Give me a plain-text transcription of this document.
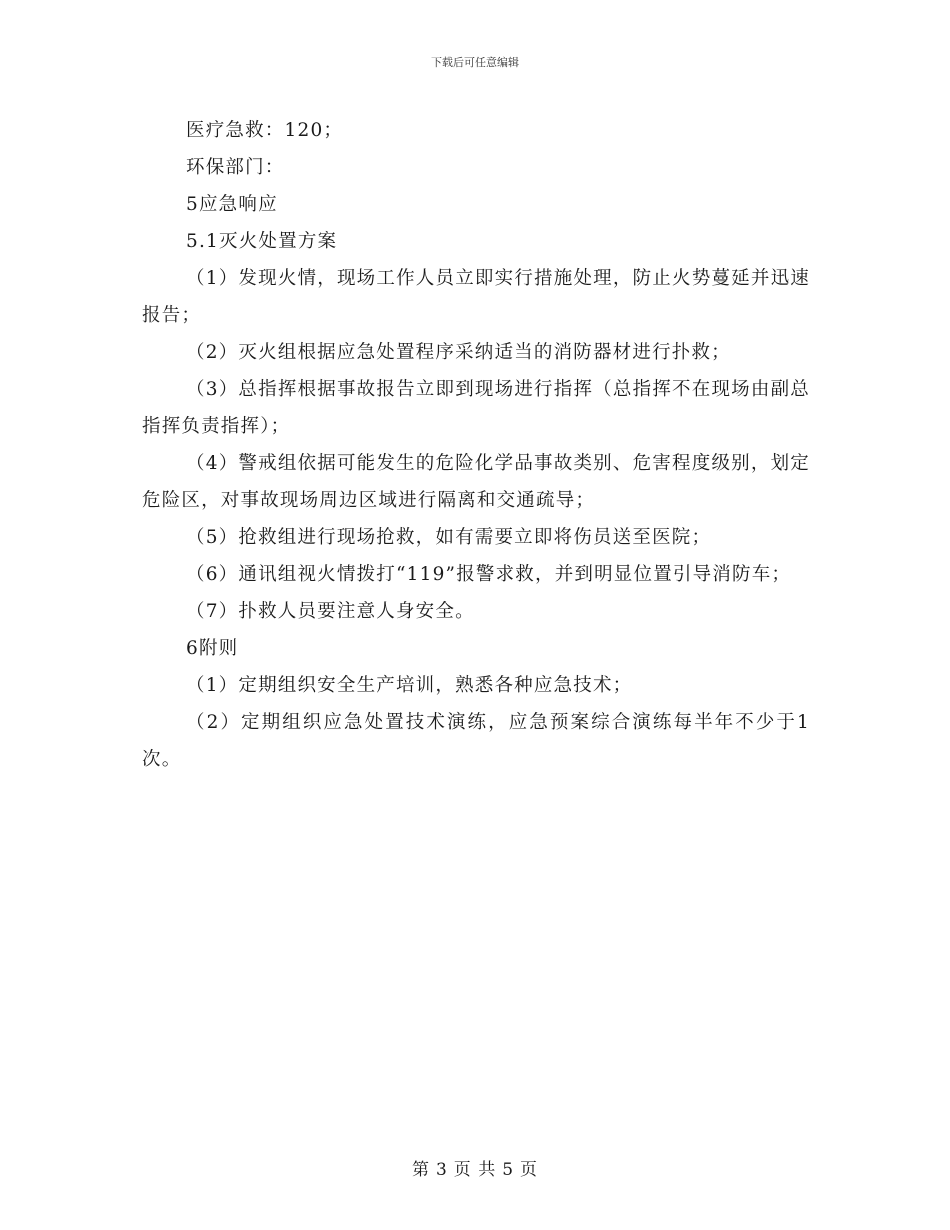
下载后可任意编辑

医疗急救：120；

环保部门：

5应急响应

5.1灭火处置方案

（1）发现火情，现场工作人员立即实行措施处理，防止火势蔓延并迅速报告；

（2）灭火组根据应急处置程序采纳适当的消防器材进行扑救；

（3）总指挥根据事故报告立即到现场进行指挥（总指挥不在现场由副总指挥负责指挥）；

（4）警戒组依据可能发生的危险化学品事故类别、危害程度级别，划定危险区，对事故现场周边区域进行隔离和交通疏导；

（5）抢救组进行现场抢救，如有需要立即将伤员送至医院；

（6）通讯组视火情拨打“119”报警求救，并到明显位置引导消防车；

（7）扑救人员要注意人身安全。

6附则

（1）定期组织安全生产培训，熟悉各种应急技术；

（2）定期组织应急处置技术演练，应急预案综合演练每半年不少于1次。

第 3 页 共 5 页
